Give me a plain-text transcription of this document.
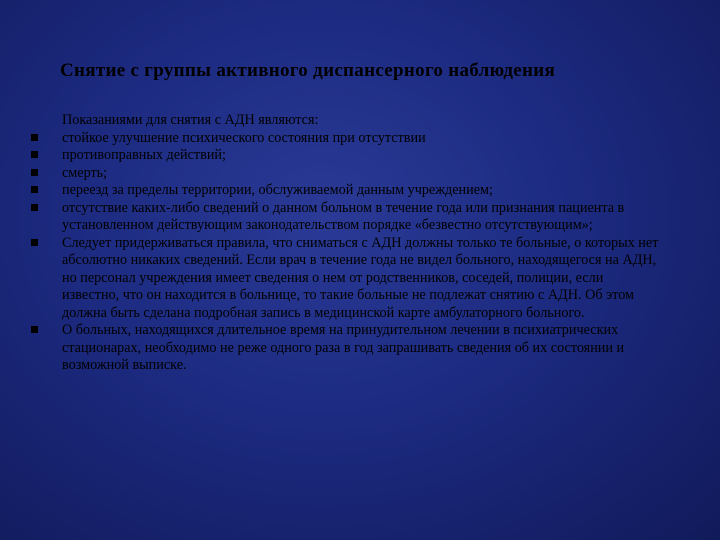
Снятие с группы активного диспансерного наблюдения
Показаниями для снятия с АДН являются:
стойкое улучшение психического состояния при отсутствии
противоправных действий;
смерть;
переезд за пределы территории, обслуживаемой данным учреждением;
отсутствие каких-либо сведений о данном больном в течение года или признания пациента в установленном действующим законодательством порядке «безвестно отсутствующим»;
Следует придерживаться правила, что сниматься с АДН должны только те больные, о которых нет абсолютно никаких сведений. Если врач в течение года не видел больного, находящегося на АДН, но персонал учреждения имеет сведения о нем от родственников, соседей, полиции, если известно, что он находится в больнице, то такие больные не подлежат снятию с АДН. Об этом должна быть сделана подробная запись в медицинской карте амбулаторного больного.
О больных, находящихся длительное время на принудительном лечении в психиатрических стационарах, необходимо не реже одного раза в год запрашивать сведения об их состоянии и возможной выписке.
